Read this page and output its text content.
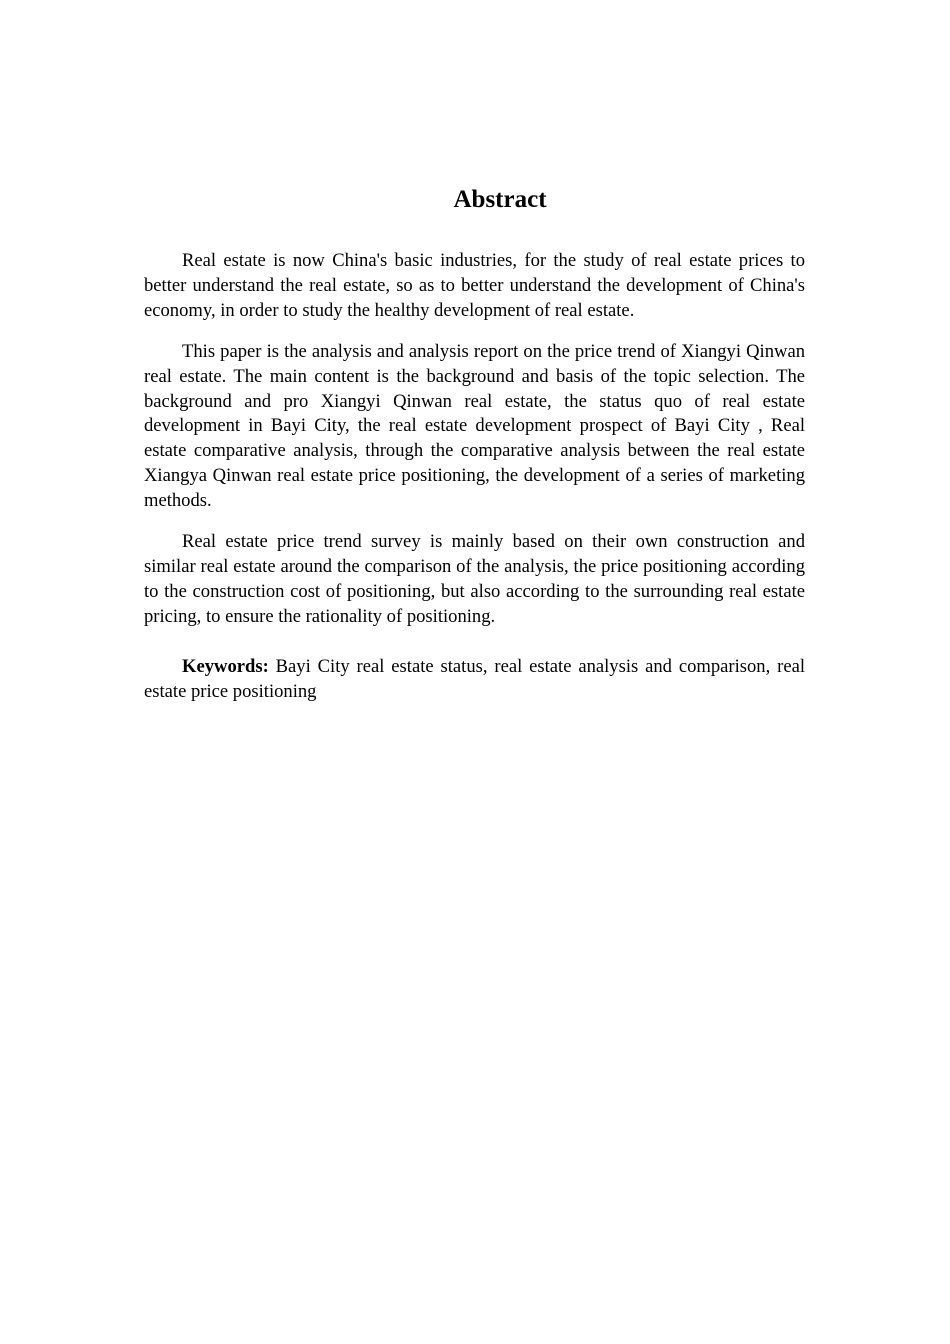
Abstract

Real estate is now China's basic industries, for the study of real estate prices to better understand the real estate, so as to better understand the development of China's economy, in order to study the healthy development of real estate.

This paper is the analysis and analysis report on the price trend of Xiangyi Qinwan real estate. The main content is the background and basis of the topic selection. The background and pro Xiangyi Qinwan real estate, the status quo of real estate development in Bayi City, the real estate development prospect of Bayi City , Real estate comparative analysis, through the comparative analysis between the real estate Xiangya Qinwan real estate price positioning, the development of a series of marketing methods.

Real estate price trend survey is mainly based on their own construction and similar real estate around the comparison of the analysis, the price positioning according to the construction cost of positioning, but also according to the surrounding real estate pricing, to ensure the rationality of positioning.

Keywords: Bayi City real estate status, real estate analysis and comparison, real estate price positioning
